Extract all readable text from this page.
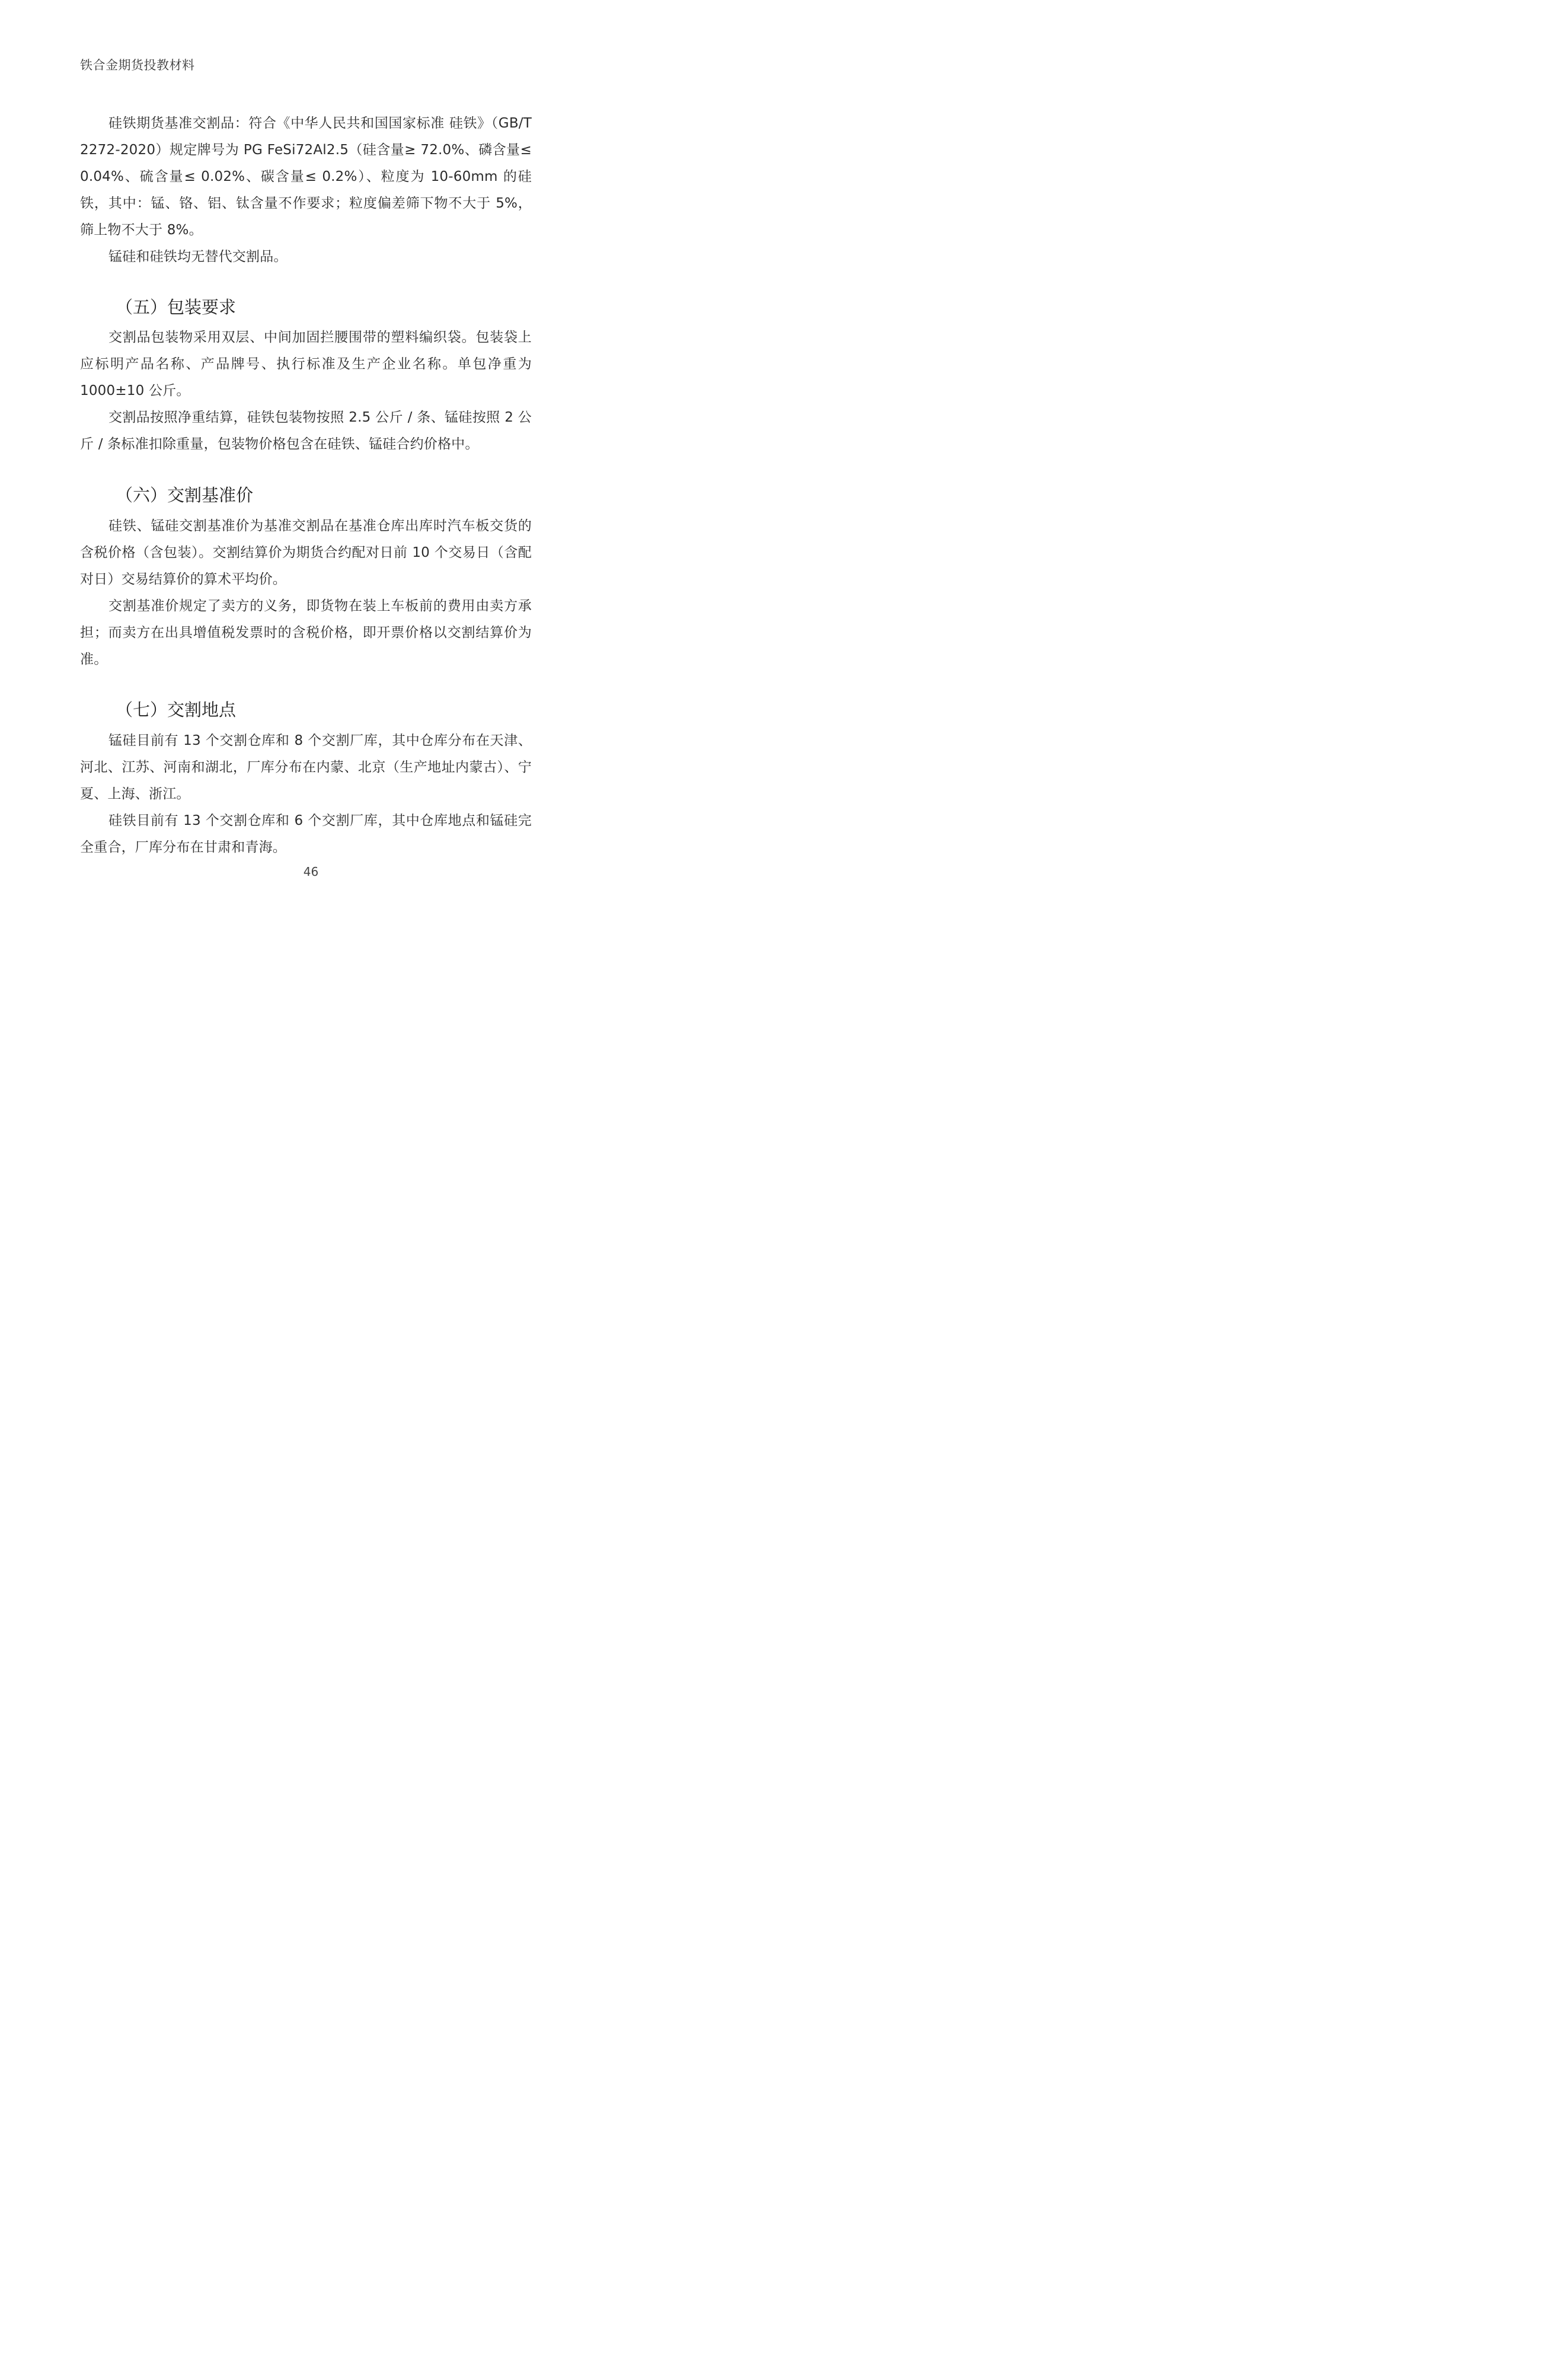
铁合金期货投教材料

硅铁期货基准交割品：符合《中华人民共和国国家标准 硅铁》（GB/T 2272-2020）规定牌号为 PG FeSi72Al2.5（硅含量≥ 72.0%、磷含量≤ 0.04%、硫含量≤ 0.02%、碳含量≤ 0.2%）、粒度为 10-60mm 的硅铁，其中：锰、铬、铝、钛含量不作要求；粒度偏差筛下物不大于 5%，筛上物不大于 8%。

锰硅和硅铁均无替代交割品。

（五）包装要求

交割品包装物采用双层、中间加固拦腰围带的塑料编织袋。包装袋上应标明产品名称、产品牌号、执行标准及生产企业名称。单包净重为 1000±10 公斤。

交割品按照净重结算，硅铁包装物按照 2.5 公斤 / 条、锰硅按照 2 公斤 / 条标准扣除重量，包装物价格包含在硅铁、锰硅合约价格中。

（六）交割基准价

硅铁、锰硅交割基准价为基准交割品在基准仓库出库时汽车板交货的含税价格（含包装）。交割结算价为期货合约配对日前 10 个交易日（含配对日）交易结算价的算术平均价。

交割基准价规定了卖方的义务，即货物在装上车板前的费用由卖方承担；而卖方在出具增值税发票时的含税价格，即开票价格以交割结算价为准。

（七）交割地点

锰硅目前有 13 个交割仓库和 8 个交割厂库，其中仓库分布在天津、河北、江苏、河南和湖北，厂库分布在内蒙、北京（生产地址内蒙古）、宁夏、上海、浙江。

硅铁目前有 13 个交割仓库和 6 个交割厂库，其中仓库地点和锰硅完全重合，厂库分布在甘肃和青海。

46
